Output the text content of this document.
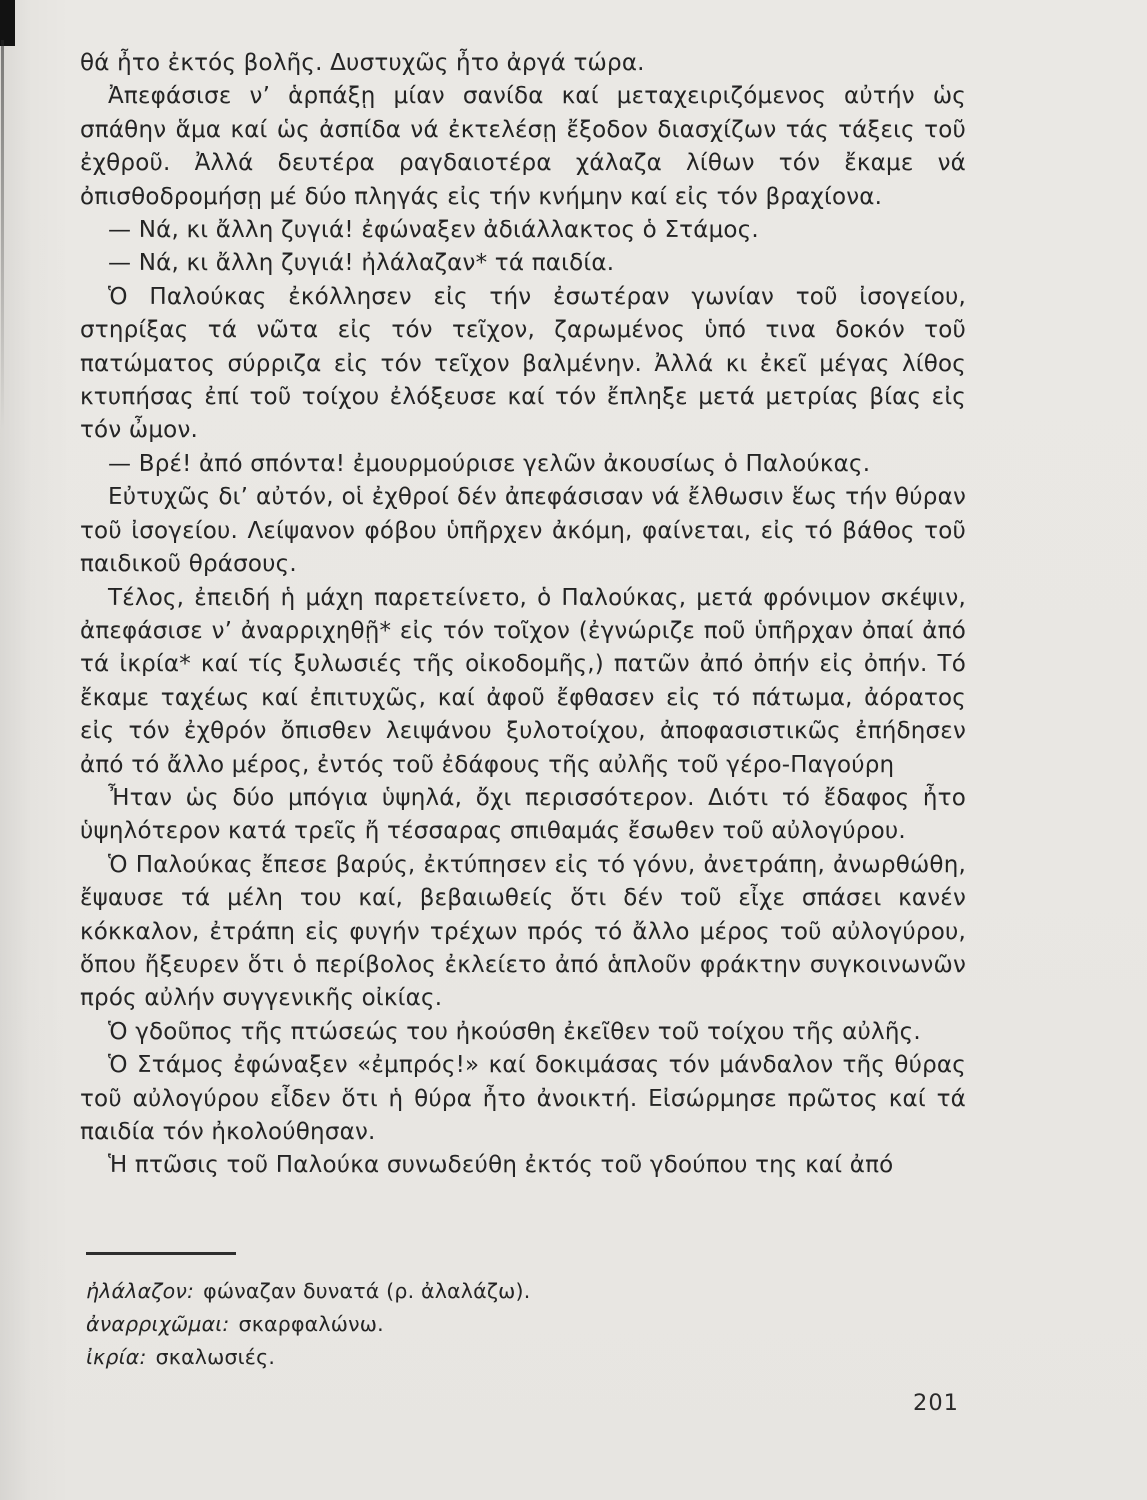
θά ἦτο ἐκτός βολῆς. Δυστυχῶς ἦτο ἀργά τώρα.

Ἀπεφάσισε ν’ ἁρπάξῃ μίαν σανίδα καί μεταχειριζόμενος αὐτήν ὡς σπάθην ἅμα καί ὡς ἀσπίδα νά ἐκτελέσῃ ἔξοδον διασχίζων τάς τάξεις τοῦ ἐχθροῦ. Ἀλλά δευτέρα ραγδαιοτέρα χάλαζα λίθων τόν ἔκαμε νά ὀπισθοδρομήσῃ μέ δύο πληγάς εἰς τήν κνήμην καί εἰς τόν βραχίονα.

— Νά, κι ἄλλη ζυγιά! ἐφώναξεν ἀδιάλλακτος ὁ Στάμος.

— Νά, κι ἄλλη ζυγιά! ἠλάλαζαν* τά παιδία.

Ὁ Παλούκας ἐκόλλησεν εἰς τήν ἐσωτέραν γωνίαν τοῦ ἰσογείου, στηρίξας τά νῶτα εἰς τόν τεῖχον, ζαρωμένος ὑπό τινα δοκόν τοῦ πατώματος σύρριζα εἰς τόν τεῖχον βαλμένην. Ἀλλά κι ἐκεῖ μέγας λίθος κτυπήσας ἐπί τοῦ τοίχου ἐλόξευσε καί τόν ἔπληξε μετά μετρίας βίας εἰς τόν ὦμον.

— Βρέ! ἀπό σπόντα! ἐμουρμούρισε γελῶν ἀκουσίως ὁ Παλούκας.

Εὐτυχῶς δι’ αὐτόν, οἱ ἐχθροί δέν ἀπεφάσισαν νά ἔλθωσιν ἕως τήν θύραν τοῦ ἰσογείου. Λείψανον φόβου ὑπῆρχεν ἀκόμη, φαίνεται, εἰς τό βάθος τοῦ παιδικοῦ θράσους.

Τέλος, ἐπειδή ἡ μάχη παρετείνετο, ὁ Παλούκας, μετά φρόνιμον σκέψιν, ἀπεφάσισε ν’ ἀναρριχηθῇ* εἰς τόν τοῖχον (ἐγνώριζε ποῦ ὑπῆρχαν ὀπαί ἀπό τά ἰκρία* καί τίς ξυλωσιές τῆς οἰκοδομῆς,) πατῶν ἀπό ὀπήν εἰς ὀπήν. Τό ἔκαμε ταχέως καί ἐπιτυχῶς, καί ἀφοῦ ἔφθασεν εἰς τό πάτωμα, ἀόρατος εἰς τόν ἐχθρόν ὄπισθεν λειψάνου ξυλοτοίχου, ἀποφασιστικῶς ἐπήδησεν ἀπό τό ἄλλο μέρος, ἐντός τοῦ ἐδάφους τῆς αὐλῆς τοῦ γέρο-Παγούρη

Ἦταν ὡς δύο μπόγια ὑψηλά, ὄχι περισσότερον. Διότι τό ἔδαφος ἦτο ὑψηλότερον κατά τρεῖς ἤ τέσσαρας σπιθαμάς ἔσωθεν τοῦ αὐλογύρου.

Ὁ Παλούκας ἔπεσε βαρύς, ἐκτύπησεν εἰς τό γόνυ, ἀνετράπη, ἀνωρθώθη, ἔψαυσε τά μέλη του καί, βεβαιωθείς ὅτι δέν τοῦ εἶχε σπάσει κανέν κόκκαλον, ἐτράπη εἰς φυγήν τρέχων πρός τό ἄλλο μέρος τοῦ αὐλογύρου, ὅπου ἤξευρεν ὅτι ὁ περίβολος ἐκλείετο ἀπό ἁπλοῦν φράκτην συγκοινωνῶν πρός αὐλήν συγγενικῆς οἰκίας.

Ὁ γδοῦπος τῆς πτώσεώς του ἠκούσθη ἐκεῖθεν τοῦ τοίχου τῆς αὐλῆς.

Ὁ Στάμος ἐφώναξεν «ἐμπρός!» καί δοκιμάσας τόν μάνδαλον τῆς θύρας τοῦ αὐλογύρου εἶδεν ὅτι ἡ θύρα ἦτο ἀνοικτή. Εἰσώρμησε πρῶτος καί τά παιδία τόν ἠκολούθησαν.

Ἡ πτῶσις τοῦ Παλούκα συνωδεύθη ἐκτός τοῦ γδούπου της καί ἀπό

ἠλάλαζον: φώναζαν δυνατά (ρ. ἀλαλάζω).
ἀναρριχῶμαι: σκαρφαλώνω.
ἰκρία: σκαλωσιές.
201
